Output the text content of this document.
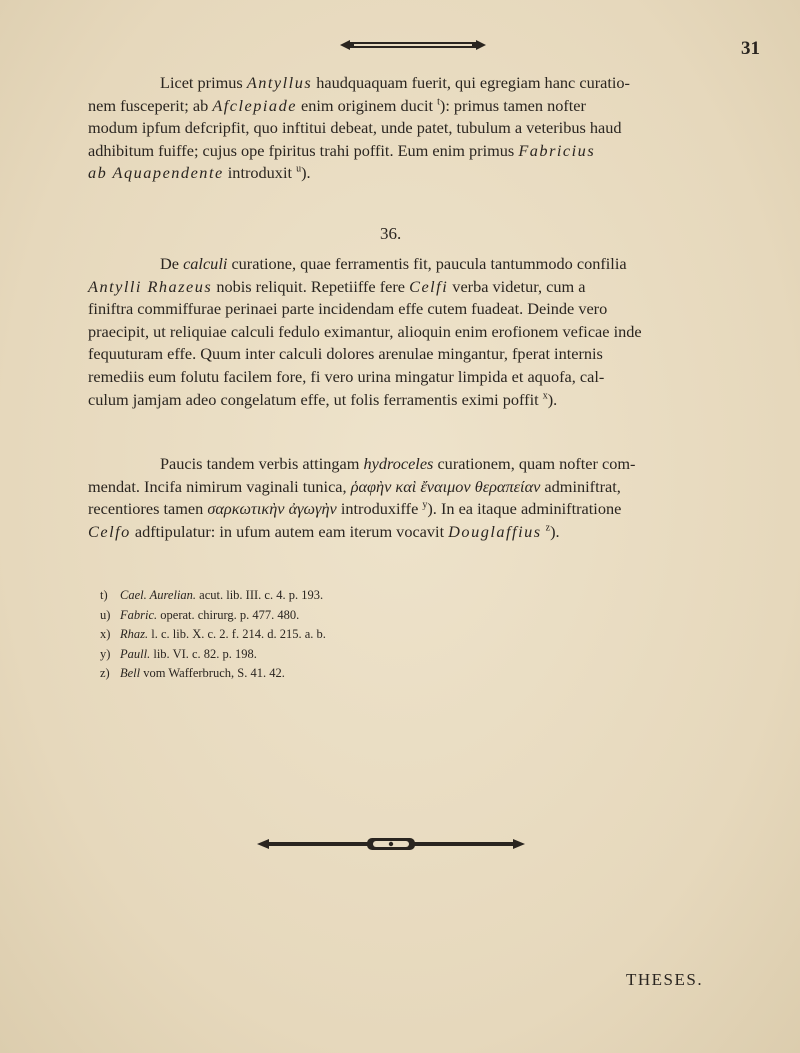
31

Licet primus Antyllus haudquaquam fuerit, qui egregiam hanc curatio-

nem fusceperit; ab Afclepiade enim originem ducit $^t$): primus tamen nofter

modum ipfum defcripfit, quo inftitui debeat, unde patet, tubulum a veteribus haud

adhibitum fuiffe; cujus ope fpiritus trahi poffit. Eum enim primus Fabricius

ab Aquapendente introduxit $^u$).

36.

De calculi curatione, quae ferramentis fit, paucula tantummodo confilia

Antylli Rhazeus nobis reliquit. Repetiiffe fere Celfi verba videtur, cum a

finiftra commiffurae perinaei parte incidendam effe cutem fuadeat. Deinde vero

praecipit, ut reliquiae calculi fedulo eximantur, alioquin enim erofionem veficae inde

fequuturam effe. Quum inter calculi dolores arenulae mingantur, fperat internis

remediis eum folutu facilem fore, fi vero urina mingatur limpida et aquofa, cal-

culum jamjam adeo congelatum effe, ut folis ferramentis eximi poffit $^x$).

Paucis tandem verbis attingam hydroceles curationem, quam nofter com-

mendat. Incifa nimirum vaginali tunica, ῥαφὴν καὶ ἔναιμον θεραπείαν adminiftrat,

recentiores tamen σαρκωτικὴν ἀγωγὴν introduxiffe $^y$). In ea itaque adminiftratione

Celfo adftipulatur: in ufum autem eam iterum vocavit Douglaffius $^z$).

t) Cael. Aurelian. acut. lib. III. c. 4. p. 193.
u) Fabric. operat. chirurg. p. 477. 480.
x) Rhaz. l. c. lib. X. c. 2. f. 214. d. 215. a. b.
y) Paull. lib. VI. c. 82. p. 198.
z) Bell vom Wafferbruch, S. 41. 42.
THESES.
